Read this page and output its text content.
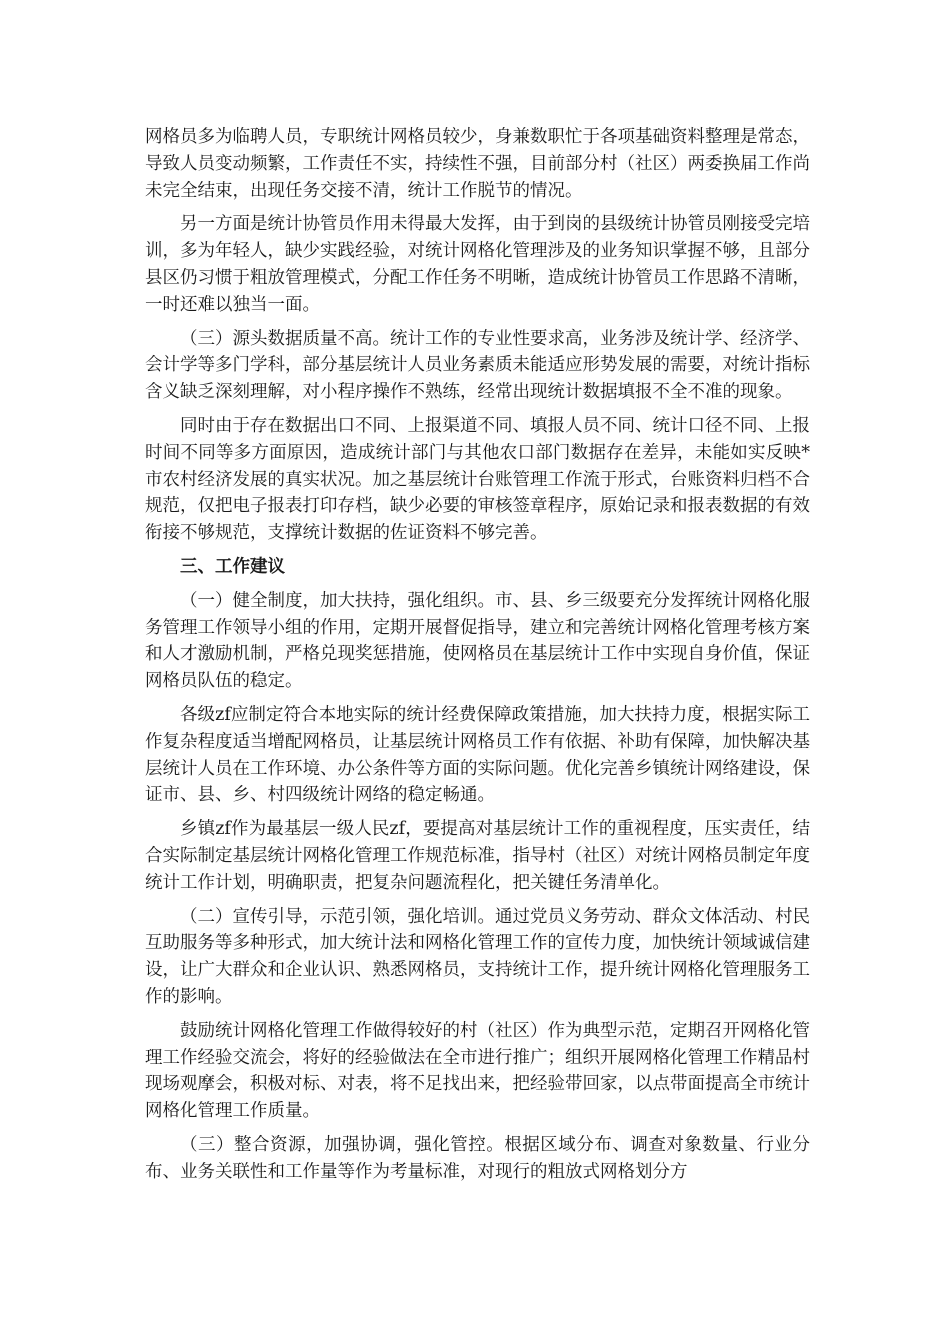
网格员多为临聘人员，专职统计网格员较少，身兼数职忙于各项基础资料整理是常态，导致人员变动频繁，工作责任不实，持续性不强，目前部分村（社区）两委换届工作尚未完全结束，出现任务交接不清，统计工作脱节的情况。

另一方面是统计协管员作用未得最大发挥，由于到岗的县级统计协管员刚接受完培训，多为年轻人，缺少实践经验，对统计网格化管理涉及的业务知识掌握不够，且部分县区仍习惯于粗放管理模式，分配工作任务不明晰，造成统计协管员工作思路不清晰，一时还难以独当一面。

（三）源头数据质量不高。统计工作的专业性要求高，业务涉及统计学、经济学、会计学等多门学科，部分基层统计人员业务素质未能适应形势发展的需要，对统计指标含义缺乏深刻理解，对小程序操作不熟练，经常出现统计数据填报不全不准的现象。

同时由于存在数据出口不同、上报渠道不同、填报人员不同、统计口径不同、上报时间不同等多方面原因，造成统计部门与其他农口部门数据存在差异，未能如实反映*市农村经济发展的真实状况。加之基层统计台账管理工作流于形式，台账资料归档不合规范，仅把电子报表打印存档，缺少必要的审核签章程序，原始记录和报表数据的有效衔接不够规范，支撑统计数据的佐证资料不够完善。

三、工作建议

（一）健全制度，加大扶持，强化组织。市、县、乡三级要充分发挥统计网格化服务管理工作领导小组的作用，定期开展督促指导，建立和完善统计网格化管理考核方案和人才激励机制，严格兑现奖惩措施，使网格员在基层统计工作中实现自身价值，保证网格员队伍的稳定。

各级zf应制定符合本地实际的统计经费保障政策措施，加大扶持力度，根据实际工作复杂程度适当增配网格员，让基层统计网格员工作有依据、补助有保障，加快解决基层统计人员在工作环境、办公条件等方面的实际问题。优化完善乡镇统计网络建设，保证市、县、乡、村四级统计网络的稳定畅通。

乡镇zf作为最基层一级人民zf，要提高对基层统计工作的重视程度，压实责任，结合实际制定基层统计网格化管理工作规范标准，指导村（社区）对统计网格员制定年度统计工作计划，明确职责，把复杂问题流程化，把关键任务清单化。

（二）宣传引导，示范引领，强化培训。通过党员义务劳动、群众文体活动、村民互助服务等多种形式，加大统计法和网格化管理工作的宣传力度，加快统计领域诚信建设，让广大群众和企业认识、熟悉网格员，支持统计工作，提升统计网格化管理服务工作的影响。

鼓励统计网格化管理工作做得较好的村（社区）作为典型示范，定期召开网格化管理工作经验交流会，将好的经验做法在全市进行推广；组织开展网格化管理工作精品村现场观摩会，积极对标、对表，将不足找出来，把经验带回家，以点带面提高全市统计网格化管理工作质量。

（三）整合资源，加强协调，强化管控。根据区域分布、调查对象数量、行业分布、业务关联性和工作量等作为考量标准，对现行的粗放式网格划分方
